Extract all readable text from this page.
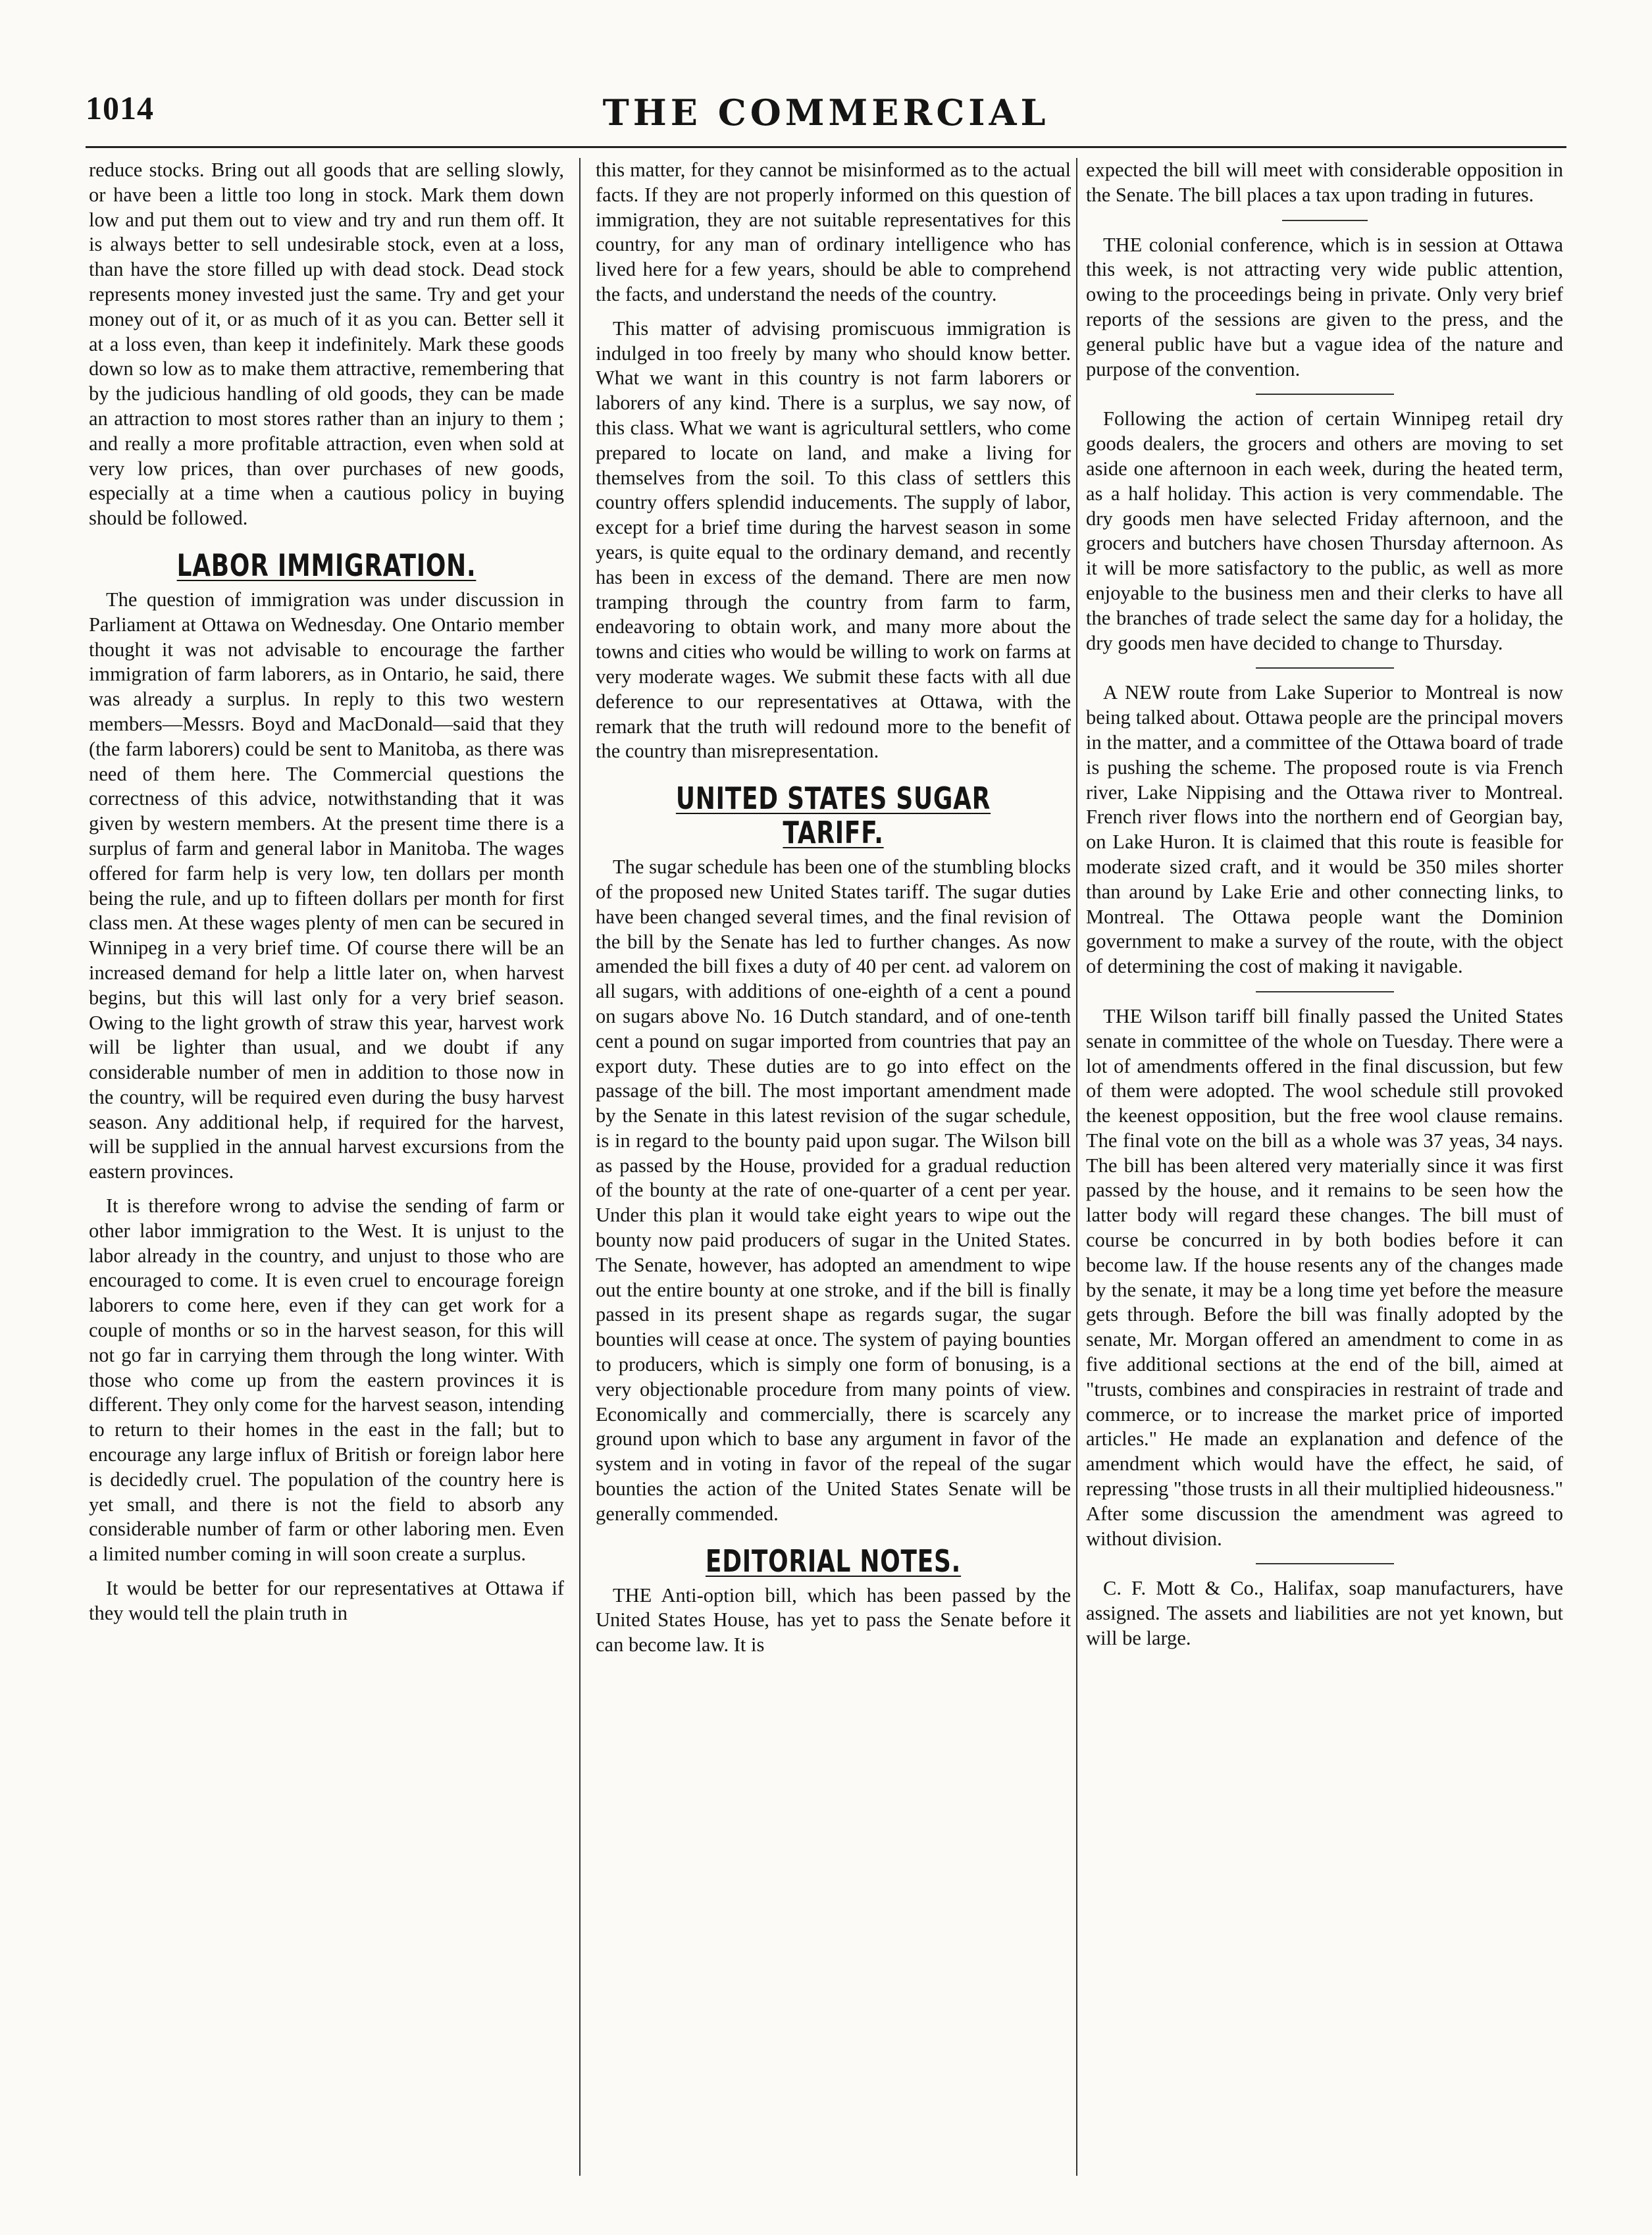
1014	THE COMMERCIAL

reduce stocks. Bring out all goods that are selling slowly, or have been a little too long in stock. Mark them down low and put them out to view and try and run them off. It is always better to sell undesirable stock, even at a loss, than have the store filled up with dead stock. Dead stock represents money invested just the same. Try and get your money out of it, or as much of it as you can. Better sell it at a loss even, than keep it indefinitely. Mark these goods down so low as to make them attractive, remembering that by the judicious handling of old goods, they can be made an attraction to most stores rather than an injury to them ; and really a more profitable attraction, even when sold at very low prices, than over purchases of new goods, especially at a time when a cautious policy in buying should be followed.

LABOR IMMIGRATION.

The question of immigration was under discussion in Parliament at Ottawa on Wednesday. One Ontario member thought it was not advisable to encourage the farther immigration of farm laborers, as in Ontario, he said, there was already a surplus. In reply to this two western members—Messrs. Boyd and MacDonald—said that they (the farm laborers) could be sent to Manitoba, as there was need of them here. The Commercial questions the correctness of this advice, notwithstanding that it was given by western members. At the present time there is a surplus of farm and general labor in Manitoba. The wages offered for farm help is very low, ten dollars per month being the rule, and up to fifteen dollars per month for first class men. At these wages plenty of men can be secured in Winnipeg in a very brief time. Of course there will be an increased demand for help a little later on, when harvest begins, but this will last only for a very brief season. Owing to the light growth of straw this year, harvest work will be lighter than usual, and we doubt if any considerable number of men in addition to those now in the country, will be required even during the busy harvest season. Any additional help, if required for the harvest, will be supplied in the annual harvest excursions from the eastern provinces.

It is therefore wrong to advise the sending of farm or other labor immigration to the West. It is unjust to the labor already in the country, and unjust to those who are encouraged to come. It is even cruel to encourage foreign laborers to come here, even if they can get work for a couple of months or so in the harvest season, for this will not go far in carrying them through the long winter. With those who come up from the eastern provinces it is different. They only come for the harvest season, intending to return to their homes in the east in the fall; but to encourage any large influx of British or foreign labor here is decidedly cruel. The population of the country here is yet small, and there is not the field to absorb any considerable number of farm or other laboring men. Even a limited number coming in will soon create a surplus.

It would be better for our representatives at Ottawa if they would tell the plain truth in

this matter, for they cannot be misinformed as to the actual facts. If they are not properly informed on this question of immigration, they are not suitable representatives for this country, for any man of ordinary intelligence who has lived here for a few years, should be able to comprehend the facts, and understand the needs of the country.

This matter of advising promiscuous immigration is indulged in too freely by many who should know better. What we want in this country is not farm laborers or laborers of any kind. There is a surplus, we say now, of this class. What we want is agricultural settlers, who come prepared to locate on land, and make a living for themselves from the soil. To this class of settlers this country offers splendid inducements. The supply of labor, except for a brief time during the harvest season in some years, is quite equal to the ordinary demand, and recently has been in excess of the demand. There are men now tramping through the country from farm to farm, endeavoring to obtain work, and many more about the towns and cities who would be willing to work on farms at very moderate wages. We submit these facts with all due deference to our representatives at Ottawa, with the remark that the truth will redound more to the benefit of the country than misrepresentation.

UNITED STATES SUGAR TARIFF.

The sugar schedule has been one of the stumbling blocks of the proposed new United States tariff. The sugar duties have been changed several times, and the final revision of the bill by the Senate has led to further changes. As now amended the bill fixes a duty of 40 per cent. ad valorem on all sugars, with additions of one-eighth of a cent a pound on sugars above No. 16 Dutch standard, and of one-tenth cent a pound on sugar imported from countries that pay an export duty. These duties are to go into effect on the passage of the bill. The most important amendment made by the Senate in this latest revision of the sugar schedule, is in regard to the bounty paid upon sugar. The Wilson bill as passed by the House, provided for a gradual reduction of the bounty at the rate of one-quarter of a cent per year. Under this plan it would take eight years to wipe out the bounty now paid producers of sugar in the United States. The Senate, however, has adopted an amendment to wipe out the entire bounty at one stroke, and if the bill is finally passed in its present shape as regards sugar, the sugar bounties will cease at once. The system of paying bounties to producers, which is simply one form of bonusing, is a very objectionable procedure from many points of view. Economically and commercially, there is scarcely any ground upon which to base any argument in favor of the system and in voting in favor of the repeal of the sugar bounties the action of the United States Senate will be generally commended.

EDITORIAL NOTES.

THE Anti-option bill, which has been passed by the United States House, has yet to pass the Senate before it can become law. It is

expected the bill will meet with considerable opposition in the Senate. The bill places a tax upon trading in futures.

THE colonial conference, which is in session at Ottawa this week, is not attracting very wide public attention, owing to the proceedings being in private. Only very brief reports of the sessions are given to the press, and the general public have but a vague idea of the nature and purpose of the convention.

Following the action of certain Winnipeg retail dry goods dealers, the grocers and others are moving to set aside one afternoon in each week, during the heated term, as a half holiday. This action is very commendable. The dry goods men have selected Friday afternoon, and the grocers and butchers have chosen Thursday afternoon. As it will be more satisfactory to the public, as well as more enjoyable to the business men and their clerks to have all the branches of trade select the same day for a holiday, the dry goods men have decided to change to Thursday.

A NEW route from Lake Superior to Montreal is now being talked about. Ottawa people are the principal movers in the matter, and a committee of the Ottawa board of trade is pushing the scheme. The proposed route is via French river, Lake Nippising and the Ottawa river to Montreal. French river flows into the northern end of Georgian bay, on Lake Huron. It is claimed that this route is feasible for moderate sized craft, and it would be 350 miles shorter than around by Lake Erie and other connecting links, to Montreal. The Ottawa people want the Dominion government to make a survey of the route, with the object of determining the cost of making it navigable.

THE Wilson tariff bill finally passed the United States senate in committee of the whole on Tuesday. There were a lot of amendments offered in the final discussion, but few of them were adopted. The wool schedule still provoked the keenest opposition, but the free wool clause remains. The final vote on the bill as a whole was 37 yeas, 34 nays. The bill has been altered very materially since it was first passed by the house, and it remains to be seen how the latter body will regard these changes. The bill must of course be concurred in by both bodies before it can become law. If the house resents any of the changes made by the senate, it may be a long time yet before the measure gets through. Before the bill was finally adopted by the senate, Mr. Morgan offered an amendment to come in as five additional sections at the end of the bill, aimed at "trusts, combines and conspiracies in restraint of trade and commerce, or to increase the market price of imported articles." He made an explanation and defence of the amendment which would have the effect, he said, of repressing "those trusts in all their multiplied hideousness." After some discussion the amendment was agreed to without division.

C. F. Mott & Co., Halifax, soap manufacturers, have assigned. The assets and liabilities are not yet known, but will be large.
